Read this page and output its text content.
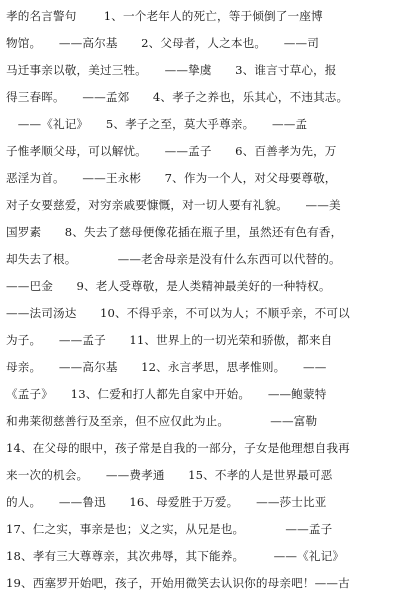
孝的名言警句　　 1、一个老年人的死亡，等于倾倒了一座博
物馆。　　——高尔基　　2、父母者，人之本也。　　——司
马迁事亲以敬，美过三牲。　　——挚虞　　3、谁言寸草心，报
得三春晖。　　——孟郊　　4、孝子之养也，乐其心，不违其志。
　——《礼记》　　5、孝子之至，莫大乎尊亲。　　——孟
子惟孝顺父母，可以解忧。　　——孟子　　6、百善孝为先，万
恶淫为首。　　——王永彬　　7、作为一个人，对父母要尊敬，
对子女要慈爱，对穷亲戚要慷慨，对一切人要有礼貌。　　——美
国罗素　　8、失去了慈母便像花插在瓶子里，虽然还有色有香，
却失去了根。　　　　——老舍母亲是没有什么东西可以代替的。
——巴金　　9、老人受尊敬，是人类精神最美好的一种特权。
——法司汤达　　10、不得乎亲，不可以为人；不顺乎亲，不可以
为子。　　——孟子　　11、世界上的一切光荣和骄傲，都来自
母亲。　　——高尔基　　12、永言孝思，思孝惟则。　　——
《孟子》　　13、仁爱和打人都先自家中开始。　　——鲍蒙特
和弗莱彻慈善行及至亲，但不应仅此为止。　　　　——富勒
14、在父母的眼中，孩子常是自我的一部分，子女是他理想自我再
来一次的机会。　　——费孝通　　15、不孝的人是世界最可恶
的人。　　——鲁迅　　16、母爱胜于万爱。　　——莎士比亚
17、仁之实，事亲是也；义之实，从兄是也。　　　　——孟子
18、孝有三大尊尊亲，其次弗辱，其下能养。　　　——《礼记》
19、西塞罗开始吧，孩子，开始用微笑去认识你的母亲吧！——古
